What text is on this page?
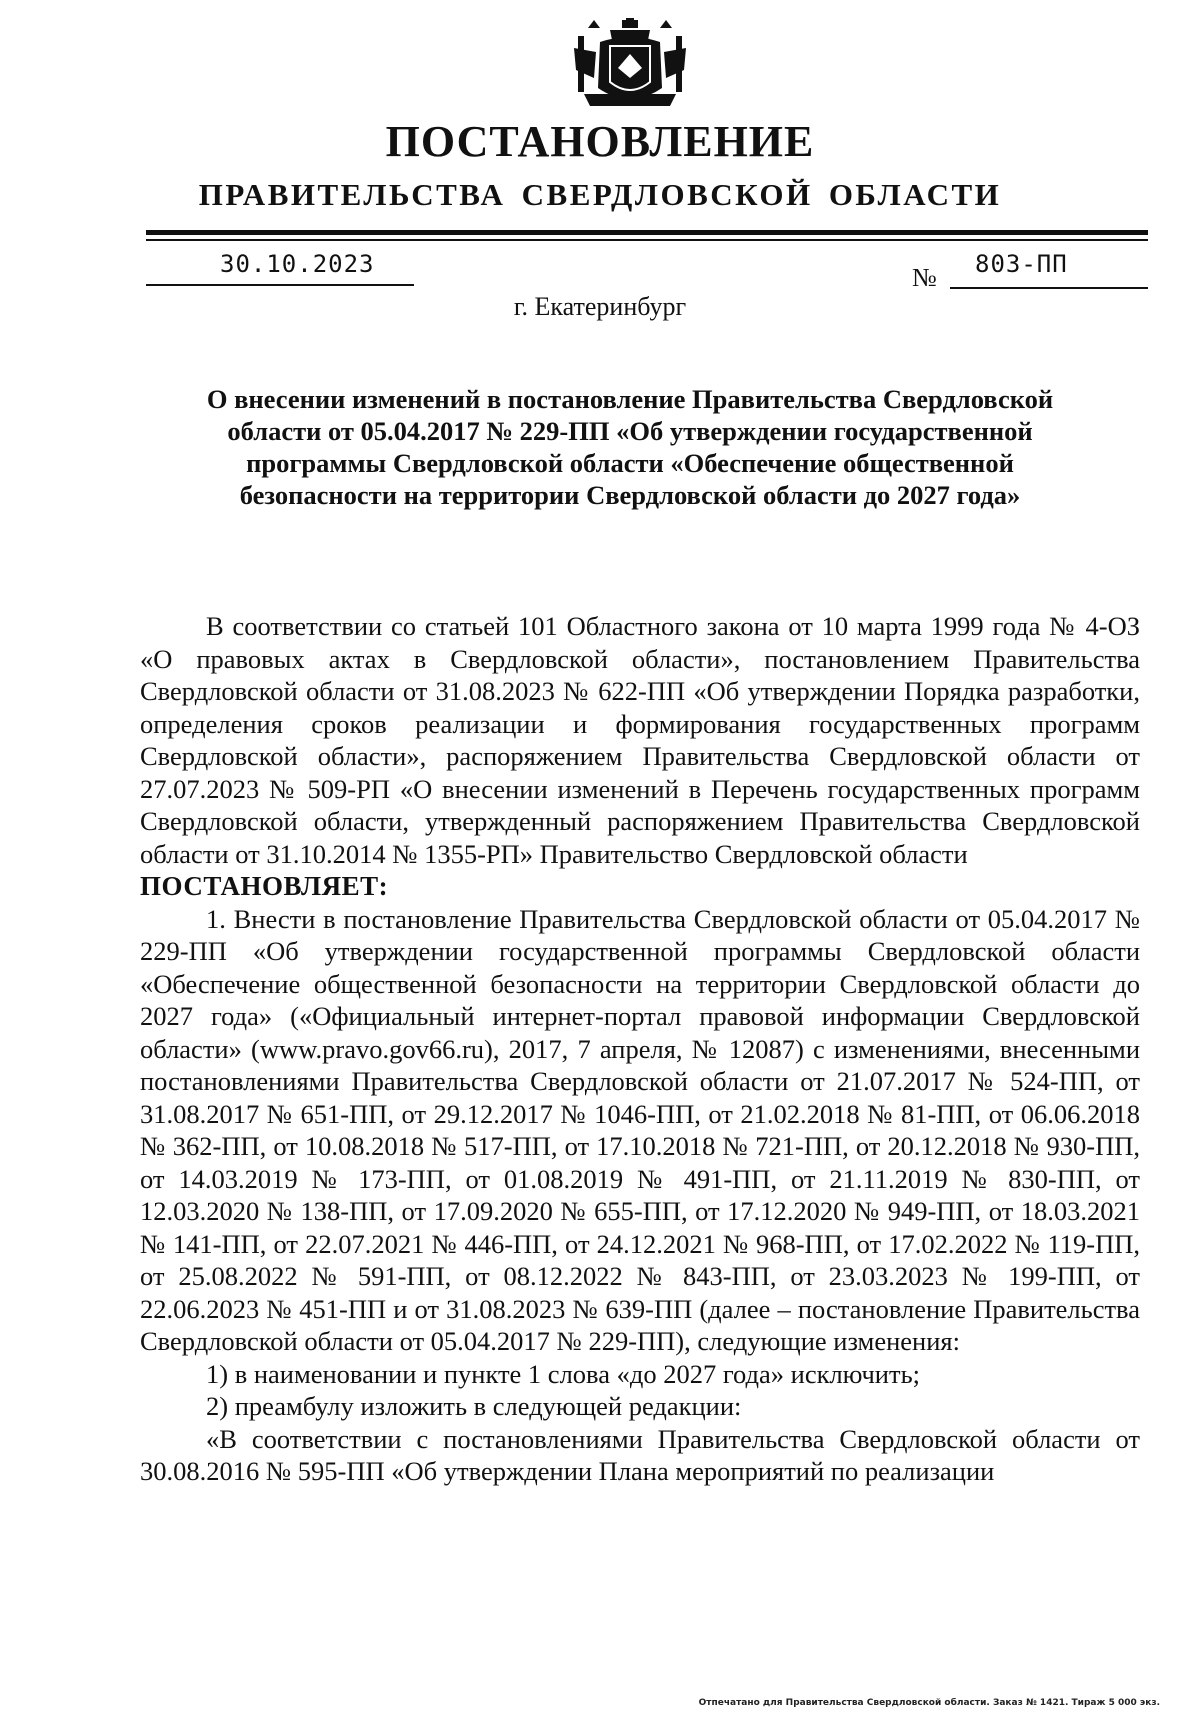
ПОСТАНОВЛЕНИЕ
ПРАВИТЕЛЬСТВА СВЕРДЛОВСКОЙ ОБЛАСТИ
30.10.2023	№ 803-ПП
г. Екатеринбург
О внесении изменений в постановление Правительства Свердловской области от 05.04.2017 № 229-ПП «Об утверждении государственной программы Свердловской области «Обеспечение общественной безопасности на территории Свердловской области до 2027 года»

В соответствии со статьей 101 Областного закона от 10 марта 1999 года № 4-ОЗ «О правовых актах в Свердловской области», постановлением Правительства Свердловской области от 31.08.2023 № 622-ПП «Об утверждении Порядка разработки, определения сроков реализации и формирования государственных программ Свердловской области», распоряжением Правительства Свердловской области от 27.07.2023 № 509-РП «О внесении изменений в Перечень государственных программ Свердловской области, утвержденный распоряжением Правительства Свердловской области от 31.10.2014 № 1355-РП» Правительство Свердловской области

ПОСТАНОВЛЯЕТ:

1. Внести в постановление Правительства Свердловской области от 05.04.2017 № 229-ПП «Об утверждении государственной программы Свердловской области «Обеспечение общественной безопасности на территории Свердловской области до 2027 года» («Официальный интернет-портал правовой информации Свердловской области» (www.pravo.gov66.ru), 2017, 7 апреля, № 12087) с изменениями, внесенными постановлениями Правительства Свердловской области от 21.07.2017 № 524-ПП, от 31.08.2017 № 651-ПП, от 29.12.2017 № 1046-ПП, от 21.02.2018 № 81-ПП, от 06.06.2018 № 362-ПП, от 10.08.2018 № 517-ПП, от 17.10.2018 № 721-ПП, от 20.12.2018 № 930-ПП, от 14.03.2019 № 173-ПП, от 01.08.2019 № 491-ПП, от 21.11.2019 № 830-ПП, от 12.03.2020 № 138-ПП, от 17.09.2020 № 655-ПП, от 17.12.2020 № 949-ПП, от 18.03.2021 № 141-ПП, от 22.07.2021 № 446-ПП, от 24.12.2021 № 968-ПП, от 17.02.2022 № 119-ПП, от 25.08.2022 № 591-ПП, от 08.12.2022 № 843-ПП, от 23.03.2023 № 199-ПП, от 22.06.2023 № 451-ПП и от 31.08.2023 № 639-ПП (далее – постановление Правительства Свердловской области от 05.04.2017 № 229-ПП), следующие изменения:

1) в наименовании и пункте 1 слова «до 2027 года» исключить;

2) преамбулу изложить в следующей редакции:

«В соответствии с постановлениями Правительства Свердловской области от 30.08.2016 № 595-ПП «Об утверждении Плана мероприятий по реализации

Отпечатано для Правительства Свердловской области. Заказ № 1421. Тираж 5 000 экз.
